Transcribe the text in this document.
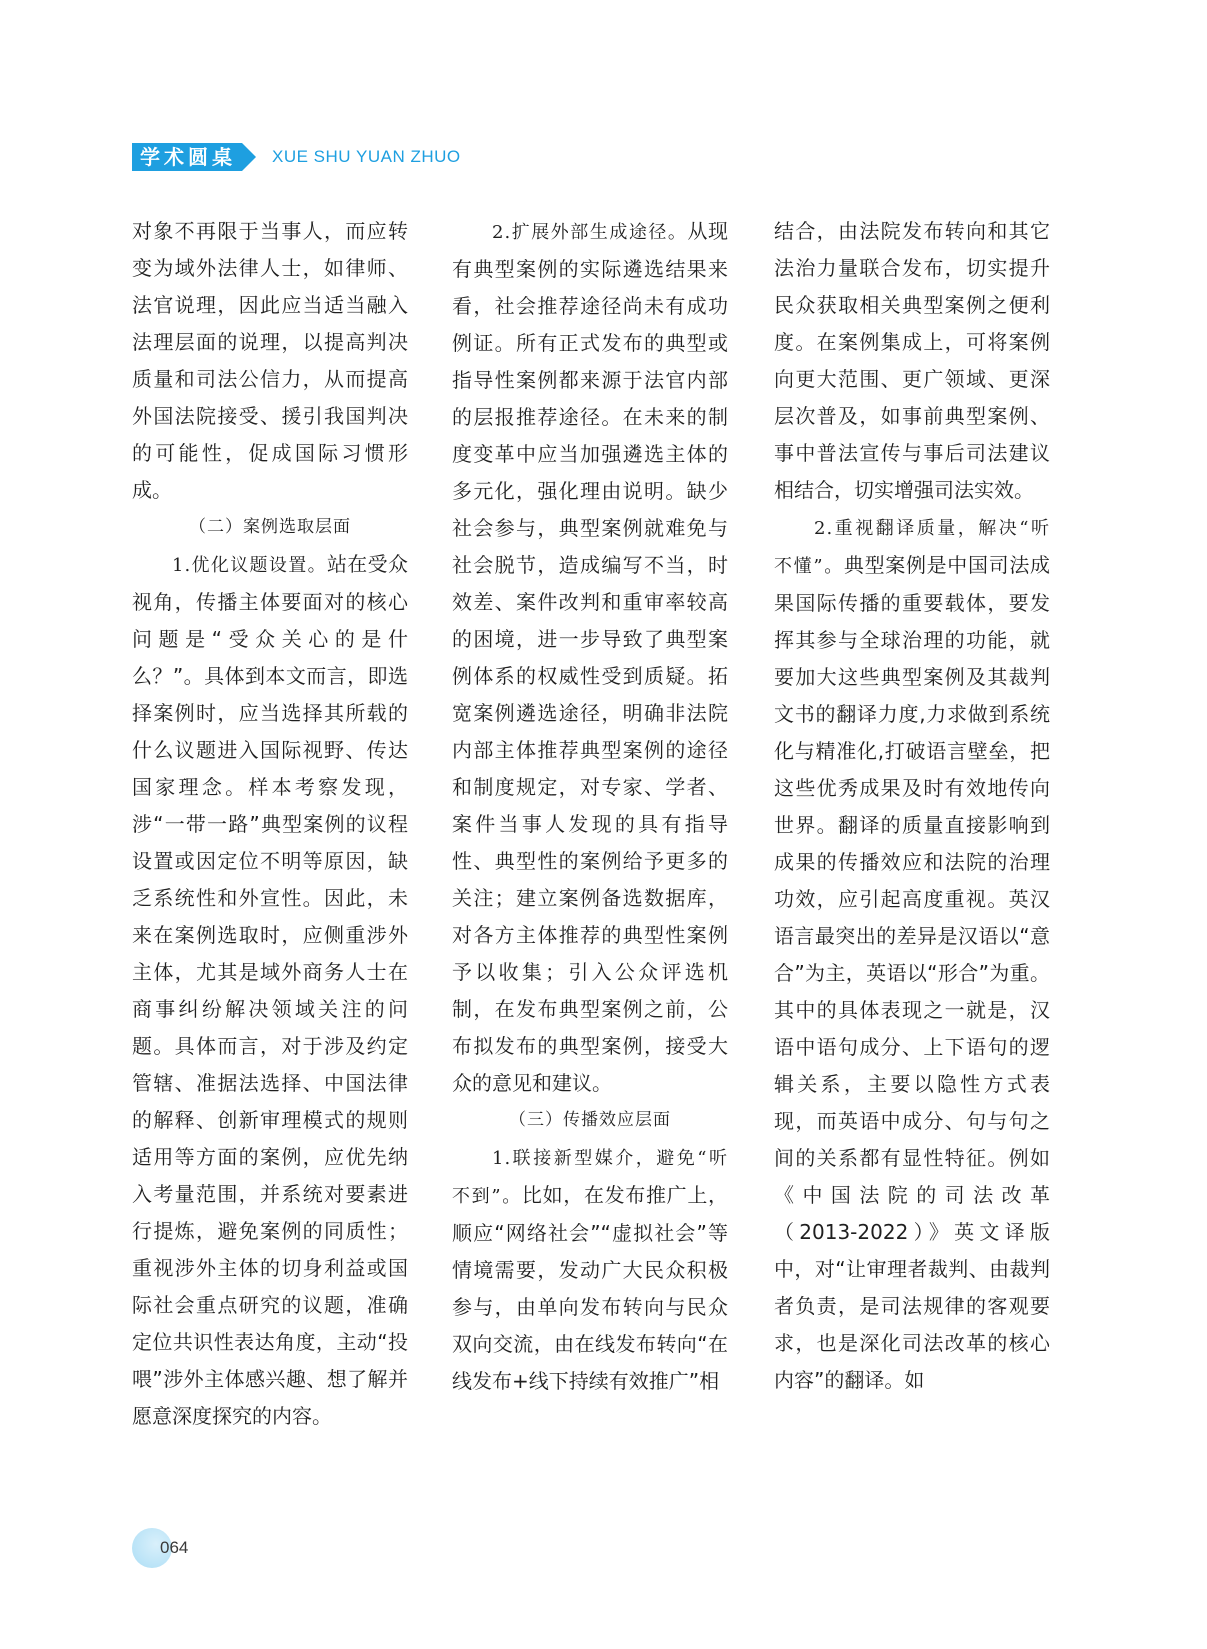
学术圆桌	XUE SHU YUAN ZHUO

对象不再限于当事人，而应转变为域外法律人士，如律师、法官说理，因此应当适当融入法理层面的说理，以提高判决质量和司法公信力，从而提高外国法院接受、援引我国判决的可能性，促成国际习惯形成。

（二）案例选取层面

1.优化议题设置。站在受众视角，传播主体要面对的核心问题是“受众关心的是什么？”。具体到本文而言，即选择案例时，应当选择其所载的什么议题进入国际视野、传达国家理念。样本考察发现，涉“一带一路”典型案例的议程设置或因定位不明等原因，缺乏系统性和外宣性。因此，未来在案例选取时，应侧重涉外主体，尤其是域外商务人士在商事纠纷解决领域关注的问题。具体而言，对于涉及约定管辖、准据法选择、中国法律的解释、创新审理模式的规则适用等方面的案例，应优先纳入考量范围，并系统对要素进行提炼，避免案例的同质性；重视涉外主体的切身利益或国际社会重点研究的议题，准确定位共识性表达角度，主动“投喂”涉外主体感兴趣、想了解并愿意深度探究的内容。

2.扩展外部生成途径。从现有典型案例的实际遴选结果来看，社会推荐途径尚未有成功例证。所有正式发布的典型或指导性案例都来源于法官内部的层报推荐途径。在未来的制度变革中应当加强遴选主体的多元化，强化理由说明。缺少社会参与，典型案例就难免与社会脱节，造成编写不当，时效差、案件改判和重审率较高的困境，进一步导致了典型案例体系的权威性受到质疑。拓宽案例遴选途径，明确非法院内部主体推荐典型案例的途径和制度规定，对专家、学者、案件当事人发现的具有指导性、典型性的案例给予更多的关注；建立案例备选数据库，对各方主体推荐的典型性案例予以收集；引入公众评选机制，在发布典型案例之前，公布拟发布的典型案例，接受大众的意见和建议。

（三）传播效应层面

1.联接新型媒介，避免“听不到”。比如，在发布推广上，顺应“网络社会”“虚拟社会”等情境需要，发动广大民众积极参与，由单向发布转向与民众双向交流，由在线发布转向“在线发布+线下持续有效推广”相

结合，由法院发布转向和其它法治力量联合发布，切实提升民众获取相关典型案例之便利度。在案例集成上，可将案例向更大范围、更广领域、更深层次普及，如事前典型案例、事中普法宣传与事后司法建议相结合，切实增强司法实效。

2.重视翻译质量，解决“听不懂”。典型案例是中国司法成果国际传播的重要载体，要发挥其参与全球治理的功能，就要加大这些典型案例及其裁判文书的翻译力度,力求做到系统化与精准化,打破语言壁垒，把这些优秀成果及时有效地传向世界。翻译的质量直接影响到成果的传播效应和法院的治理功效，应引起高度重视。英汉语言最突出的差异是汉语以“意合”为主，英语以“形合”为重。其中的具体表现之一就是，汉语中语句成分、上下语句的逻辑关系，主要以隐性方式表现，而英语中成分、句与句之间的关系都有显性特征。例如《中国法院的司法改革（2013-2022）》英文译版中，对“让审理者裁判、由裁判者负责，是司法规律的客观要求，也是深化司法改革的核心内容”的翻译。如

064
